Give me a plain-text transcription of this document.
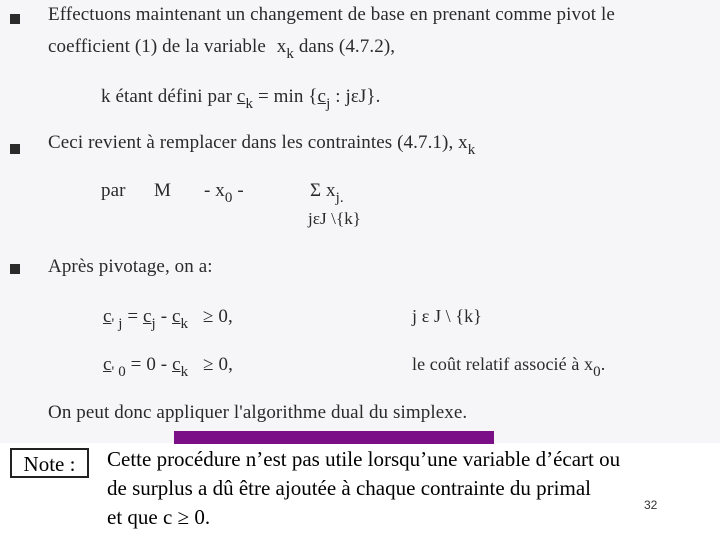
Effectuons maintenant un changement de base en prenant comme pivot le
coefficient (1) de la variable $x_k$ dans (4.7.2),
k étant défini par $c_k = \min \{c_j$ : jεJ}.
Ceci revient à remplacer dans les contraintes (4.7.1), $x_k$
par M - $x_0$ -	Σ $x_{j.}$
jεJ \{k}
Après pivotage, on a:
$c_{' j} = c_j - c_k \ge 0$,	j ε J \ {k}
$c_{' 0} = 0 - c_k \ge 0$,	le coût relatif associé à $x_0$.
On peut donc appliquer l'algorithme dual du simplexe.
Note :	Cette procédure n’est pas utile lorsqu’une variable d’écart ou
de surplus a dû être ajoutée à chaque contrainte du primal
et que c ≥ 0.	32
